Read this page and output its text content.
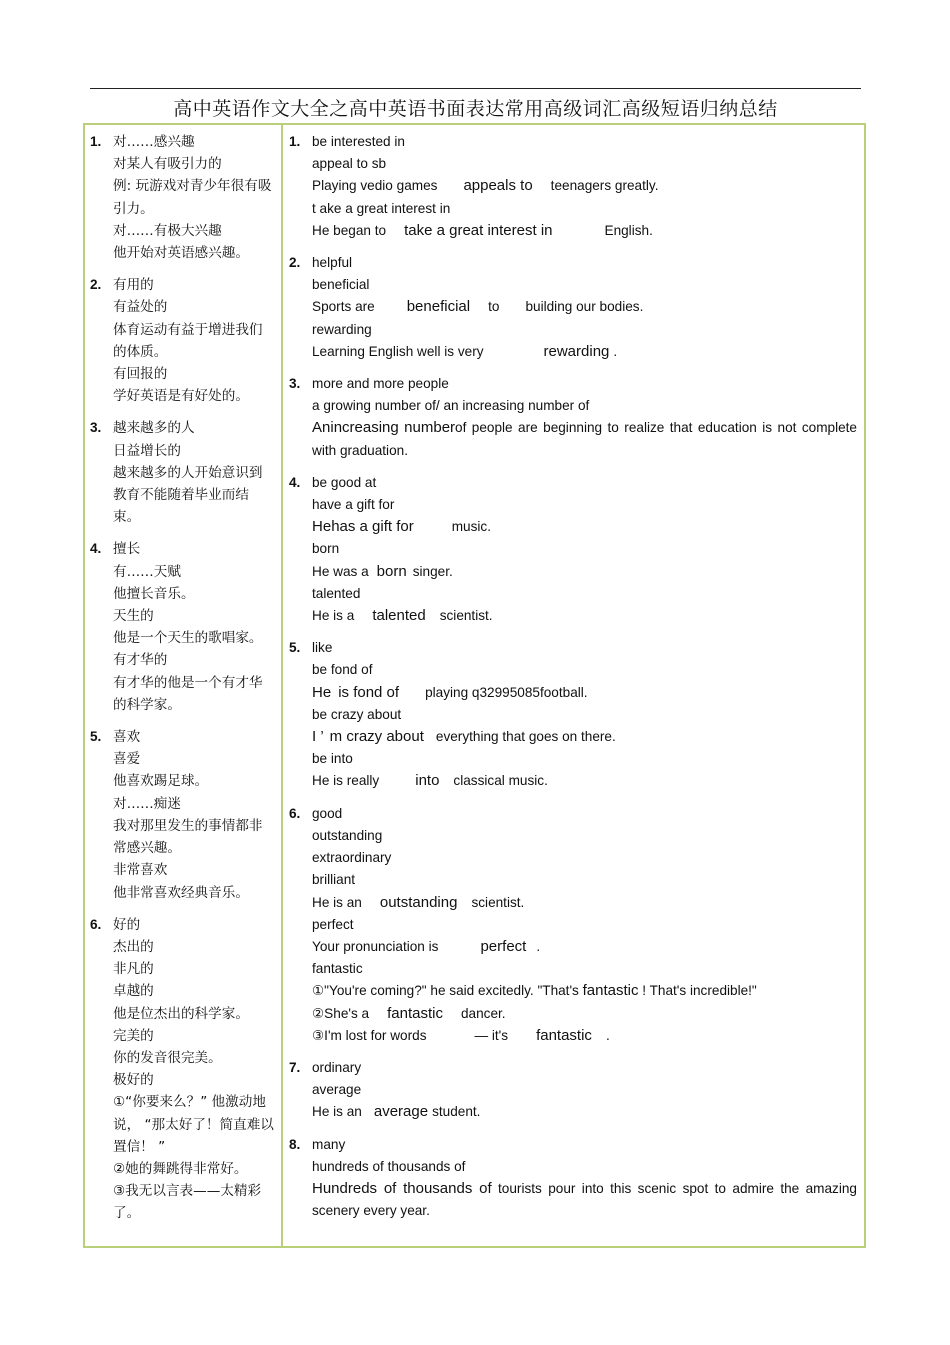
高中英语作文大全之高中英语书面表达常用高级词汇高级短语归纳总结
1. 对……感兴趣
对某人有吸引力的
例: 玩游戏对青少年很有吸引力。
对……有极大兴趣
他开始对英语感兴趣。
2. 有用的
有益处的
体育运动有益于增进我们的体质。
有回报的
学好英语是有好处的。
3. 越来越多的人
日益增长的
越来越多的人开始意识到教育不能随着毕业而结束。
4. 擅长
有……天赋
他擅长音乐。
天生的
他是一个天生的歌唱家。
有才华的
有才华的他是一个有才华的科学家。
5. 喜欢
喜爱
他喜欢踢足球。
对……痴迷
我对那里发生的事情都非常感兴趣。
非常喜欢
他非常喜欢经典音乐。
6. 好的
杰出的
非凡的
卓越的
他是位杰出的科学家。
完美的
你的发音很完美。
极好的
①“你要来么？” 他激动地说， “那太好了！简直难以置信！ ”
②她的舞跳得非常好。
③我无以言表——太精彩了。
1. be interested in
appeal to sb
Playing vedio games appeals to teenagers greatly.
t ake a great interest in
He began to take a great interest in	English.
2. helpful
beneficial
Sports are beneficial to building our bodies.
rewarding
Learning English well is very	rewarding .
3. more and more people
a growing number of/ an increasing number of
Anincreasing numberof people are beginning to realize that education is not complete with graduation.
4. be good at
have a gift for
Hehas a gift for	music.
born
He was a born singer.
talented
He is a talented scientist.
5. like
be fond of
He is fond of playing q32995085football.
be crazy about
I ’ m crazy about everything that goes on there.
be into
He is really into classical music.
6. good
outstanding
extraordinary
brilliant
He is an outstanding scientist.
perfect
Your pronunciation is	perfect .
fantastic
①"You're coming?" he said excitedly. "That's fantastic ! That's incredible!"
②She's a fantastic dancer.
③I'm lost for words	— it's fantastic .
7. ordinary
average
He is an average student.
8. many
hundreds of thousands of
Hundreds of thousands of tourists pour into this scenic spot to admire the amazing scenery every year.
